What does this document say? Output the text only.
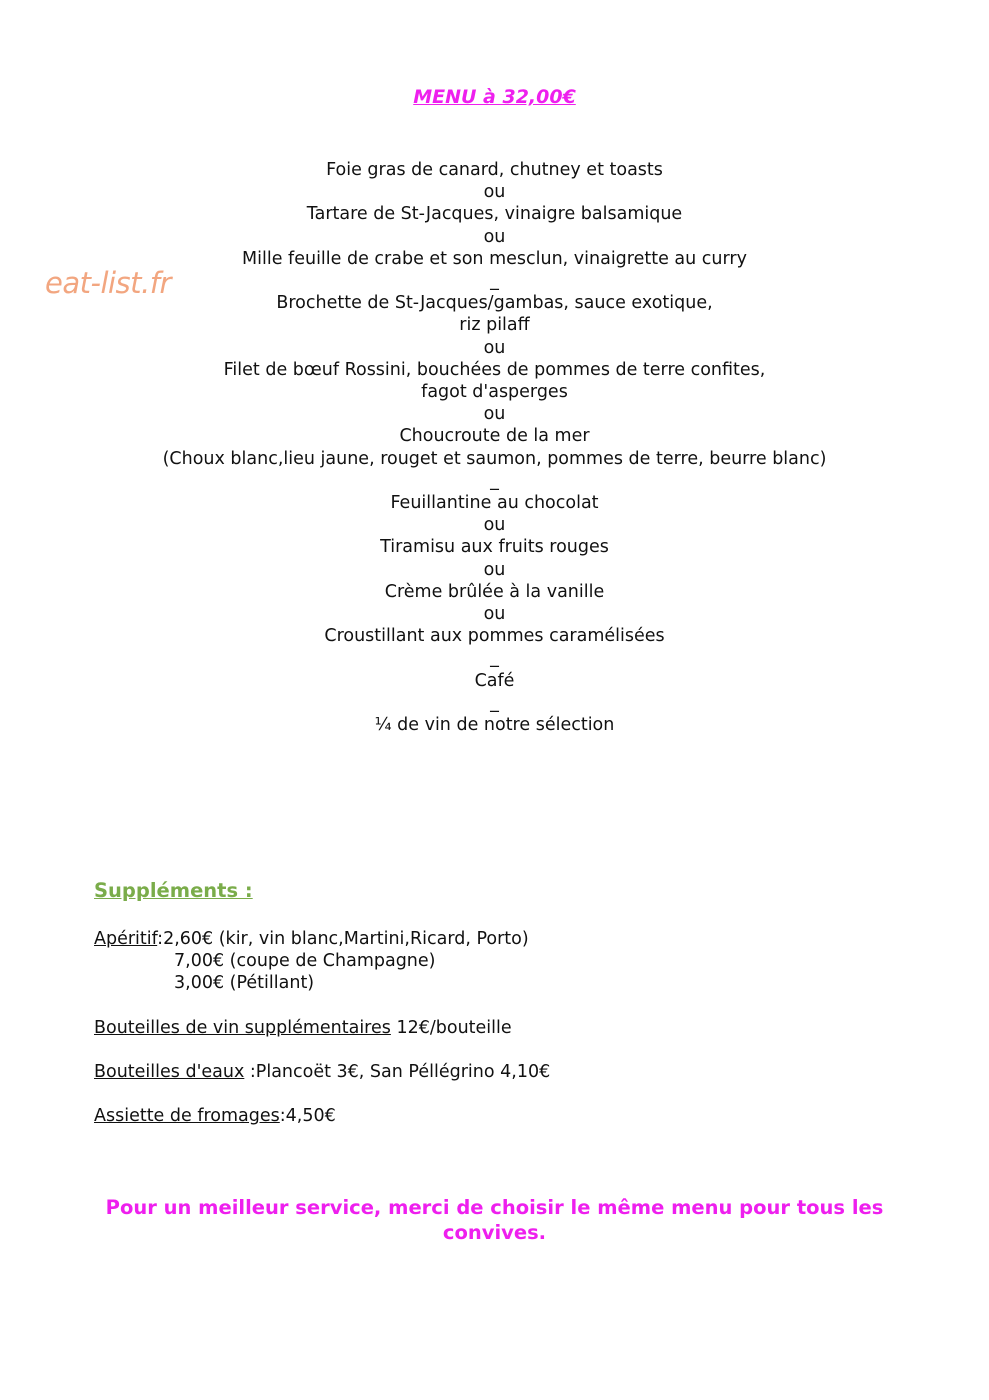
MENU à 32,00€
eat-list.fr
Foie gras de canard, chutney et toasts
ou
Tartare de St-Jacques, vinaigre balsamique
ou
Mille feuille de crabe et son mesclun, vinaigrette au curry
_
Brochette de St-Jacques/gambas, sauce exotique,
riz pilaff
ou
Filet de bœuf Rossini, bouchées de pommes de terre confites,
fagot d'asperges
ou
Choucroute de la mer
(Choux blanc,lieu jaune, rouget et saumon, pommes de terre, beurre blanc)
_
Feuillantine au chocolat
ou
Tiramisu aux fruits rouges
ou
Crème brûlée à la vanille
ou
Croustillant aux pommes caramélisées
_
Café
_
¼ de vin de notre sélection
Suppléments :
Apéritif:2,60€ (kir, vin blanc,Martini,Ricard, Porto)
7,00€ (coupe de Champagne)
3,00€ (Pétillant)
Bouteilles de vin supplémentaires 12€/bouteille
Bouteilles d'eaux :Plancoët 3€, San Péllégrino 4,10€
Assiette de fromages:4,50€
Pour un meilleur service, merci de choisir le même menu pour tous les convives.
